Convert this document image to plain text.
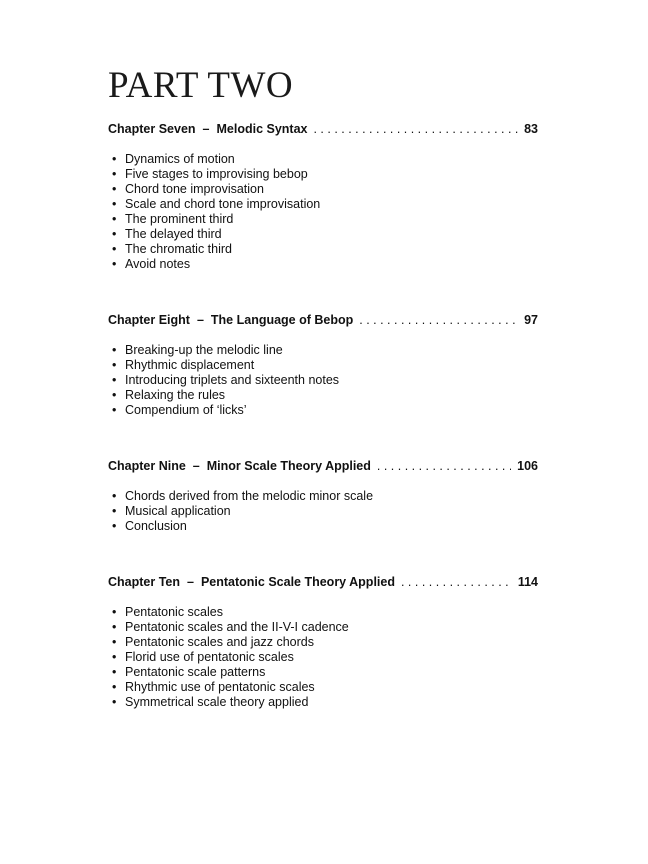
PART TWO
Chapter Seven – Melodic Syntax . . .	83
• Dynamics of motion
• Five stages to improvising bebop
• Chord tone improvisation
• Scale and chord tone improvisation
• The prominent third
• The delayed third
• The chromatic third
• Avoid notes
Chapter Eight – The Language of Bebop . . .	97
• Breaking-up the melodic line
• Rhythmic displacement
• Introducing triplets and sixteenth notes
• Relaxing the rules
• Compendium of ‘licks’
Chapter Nine – Minor Scale Theory Applied . . .	106
• Chords derived from the melodic minor scale
• Musical application
• Conclusion
Chapter Ten – Pentatonic Scale Theory Applied . . .	114
• Pentatonic scales
• Pentatonic scales and the II-V-I cadence
• Pentatonic scales and jazz chords
• Florid use of pentatonic scales
• Pentatonic scale patterns
• Rhythmic use of pentatonic scales
• Symmetrical scale theory applied
